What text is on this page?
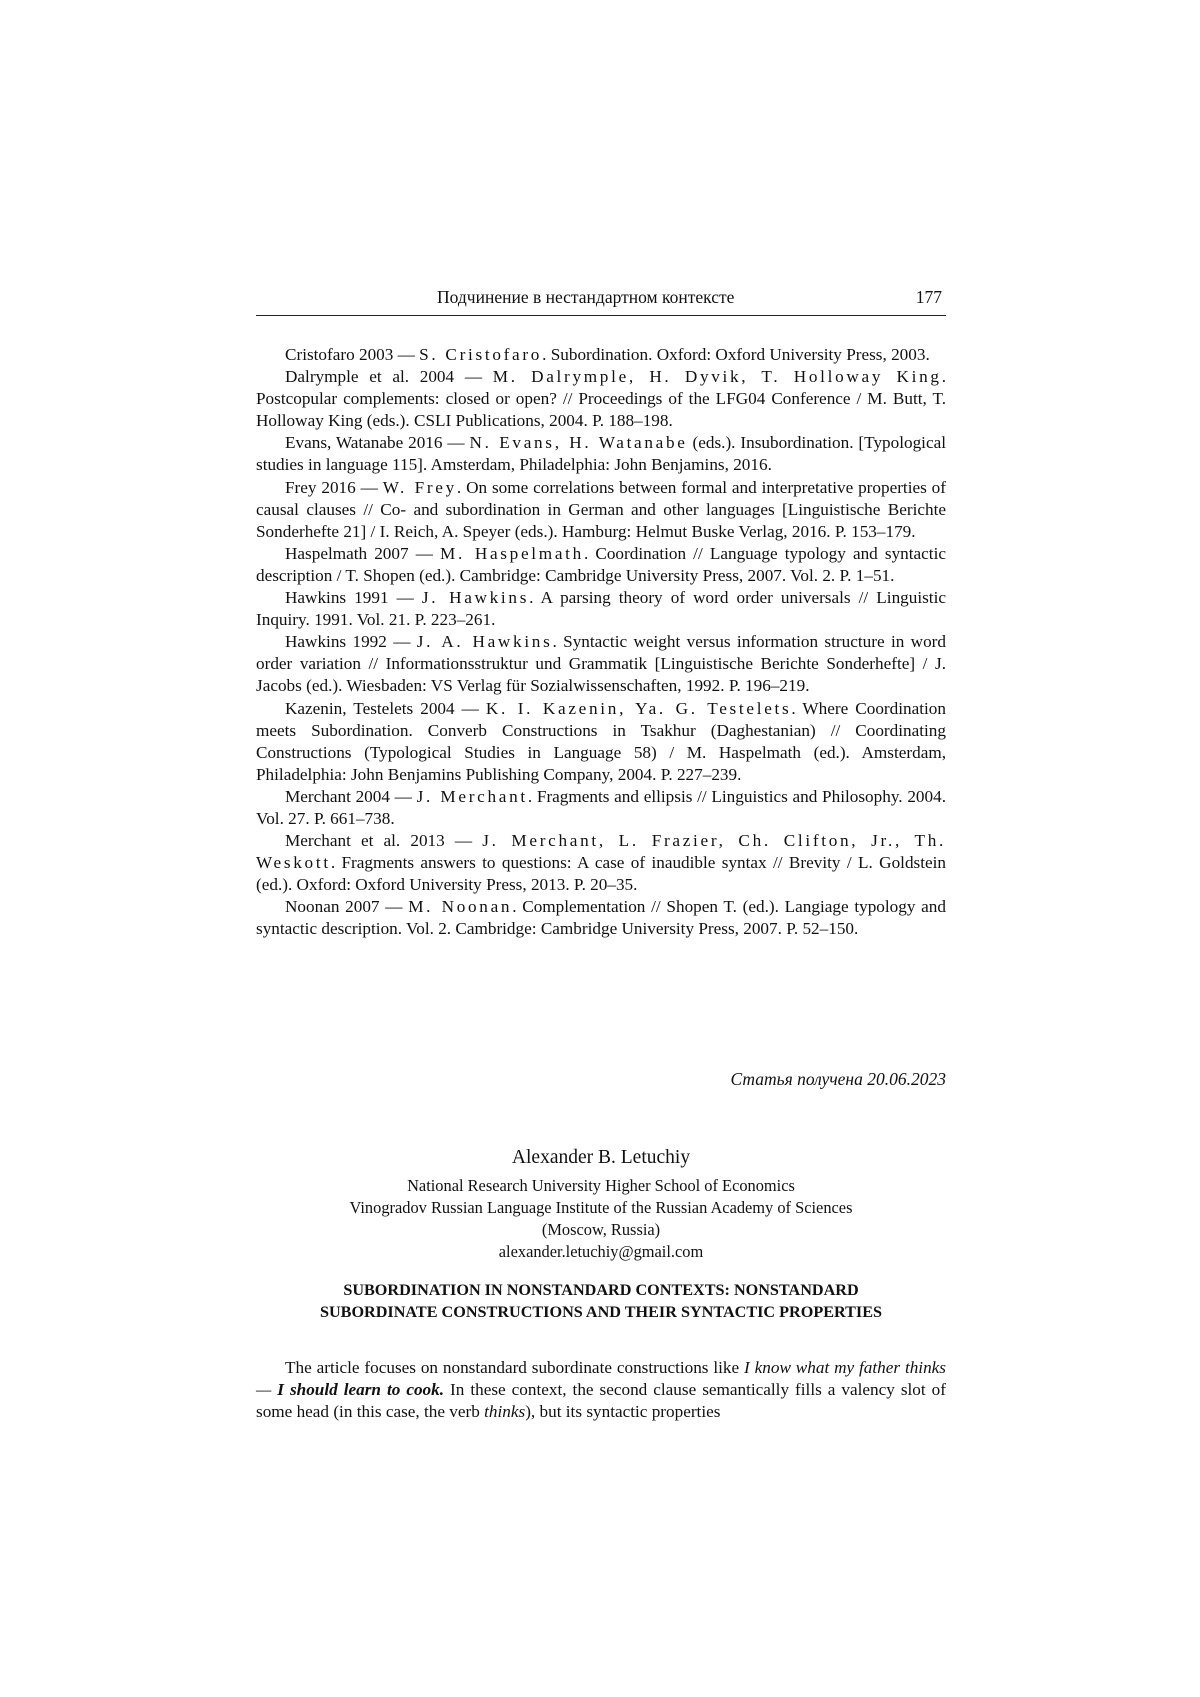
Подчинение в нестандартном контексте	177

Cristofaro 2003 — S. Cristofaro. Subordination. Oxford: Oxford University Press, 2003.

Dalrymple et al. 2004 — M. Dalrymple, H. Dyvik, T. Holloway King. Postcopular complements: closed or open? // Proceedings of the LFG04 Conference / M. Butt, T. Holloway King (eds.). CSLI Publications, 2004. P. 188–198.

Evans, Watanabe 2016 — N. Evans, H. Watanabe (eds.). Insubordination. [Typological studies in language 115]. Amsterdam, Philadelphia: John Benjamins, 2016.

Frey 2016 — W. Frey. On some correlations between formal and interpretative properties of causal clauses // Co- and subordination in German and other languages [Linguistische Berichte Sonderhefte 21] / I. Reich, A. Speyer (eds.). Hamburg: Helmut Buske Verlag, 2016. P. 153–179.

Haspelmath 2007 — M. Haspelmath. Coordination // Language typology and syntactic description / T. Shopen (ed.). Cambridge: Cambridge University Press, 2007. Vol. 2. P. 1–51.

Hawkins 1991 — J. Hawkins. A parsing theory of word order universals // Linguistic Inquiry. 1991. Vol. 21. P. 223–261.

Hawkins 1992 — J. A. Hawkins. Syntactic weight versus information structure in word order variation // Informationsstruktur und Grammatik [Linguistische Berichte Sonderhefte] / J. Jacobs (ed.). Wiesbaden: VS Verlag für Sozialwissenschaften, 1992. P. 196–219.

Kazenin, Testelets 2004 — K. I. Kazenin, Ya. G. Testelets. Where Coordination meets Subordination. Converb Constructions in Tsakhur (Daghestanian) // Coordinating Constructions (Typological Studies in Language 58) / M. Haspelmath (ed.). Amsterdam, Philadelphia: John Benjamins Publishing Company, 2004. P. 227–239.

Merchant 2004 — J. Merchant. Fragments and ellipsis // Linguistics and Philosophy. 2004. Vol. 27. P. 661–738.

Merchant et al. 2013 — J. Merchant, L. Frazier, Ch. Clifton, Jr., Th. Weskott. Fragments answers to questions: A case of inaudible syntax // Brevity / L. Goldstein (ed.). Oxford: Oxford University Press, 2013. P. 20–35.

Noonan 2007 — M. Noonan. Complementation // Shopen T. (ed.). Langiage typology and syntactic description. Vol. 2. Cambridge: Cambridge University Press, 2007. P. 52–150.

Статья получена 20.06.2023

Alexander B. Letuchiy

National Research University Higher School of Economics

Vinogradov Russian Language Institute of the Russian Academy of Sciences

(Moscow, Russia)

alexander.letuchiy@gmail.com

SUBORDINATION IN NONSTANDARD CONTEXTS: NONSTANDARD
SUBORDINATE CONSTRUCTIONS AND THEIR SYNTACTIC PROPERTIES

The article focuses on nonstandard subordinate constructions like I know what my father thinks — I should learn to cook. In these context, the second clause semantically fills a valency slot of some head (in this case, the verb thinks), but its syntactic properties
